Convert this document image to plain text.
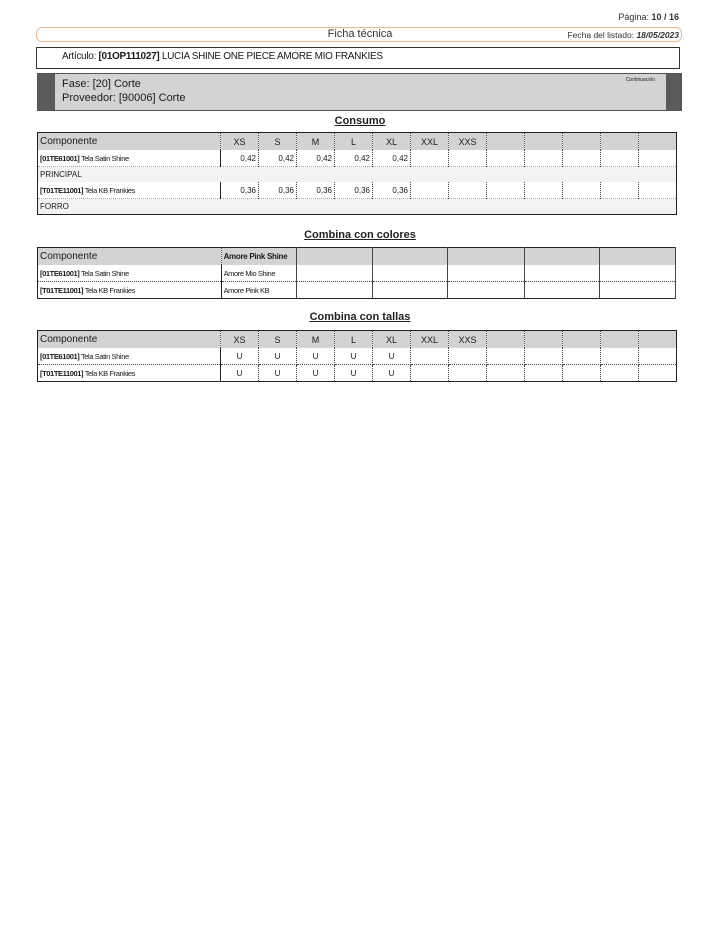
Página: 10 / 16
Ficha técnica	Fecha del listado: 18/05/2023
Artículo: [01OP111027] LUCIA SHINE ONE PIECE AMORE MIO FRANKIES
Fase: [20] Corte
Proveedor: [90006] Corte
Continuación
Consumo
Componente	XS	S	M	L	XL	XXL	XXS					
[01TE61001] Tela Satin Shine	0,42	0,42	0,42	0,42	0,42							
PRINCIPAL												
[T01TE11001] Tela KB Frankies	0,36	0,36	0,36	0,36	0,36							
FORRO												
Combina con colores
Componente	Amore Pink Shine					
[01TE61001] Tela Satin Shine	Amore Mio Shine					
[T01TE11001] Tela KB Frankies	Amore Pink KB					
Combina con tallas
Componente	XS	S	M	L	XL	XXL	XXS					
[01TE61001] Tela Satin Shine	U	U	U	U	U							
[T01TE11001] Tela KB Frankies	U	U	U	U	U							
